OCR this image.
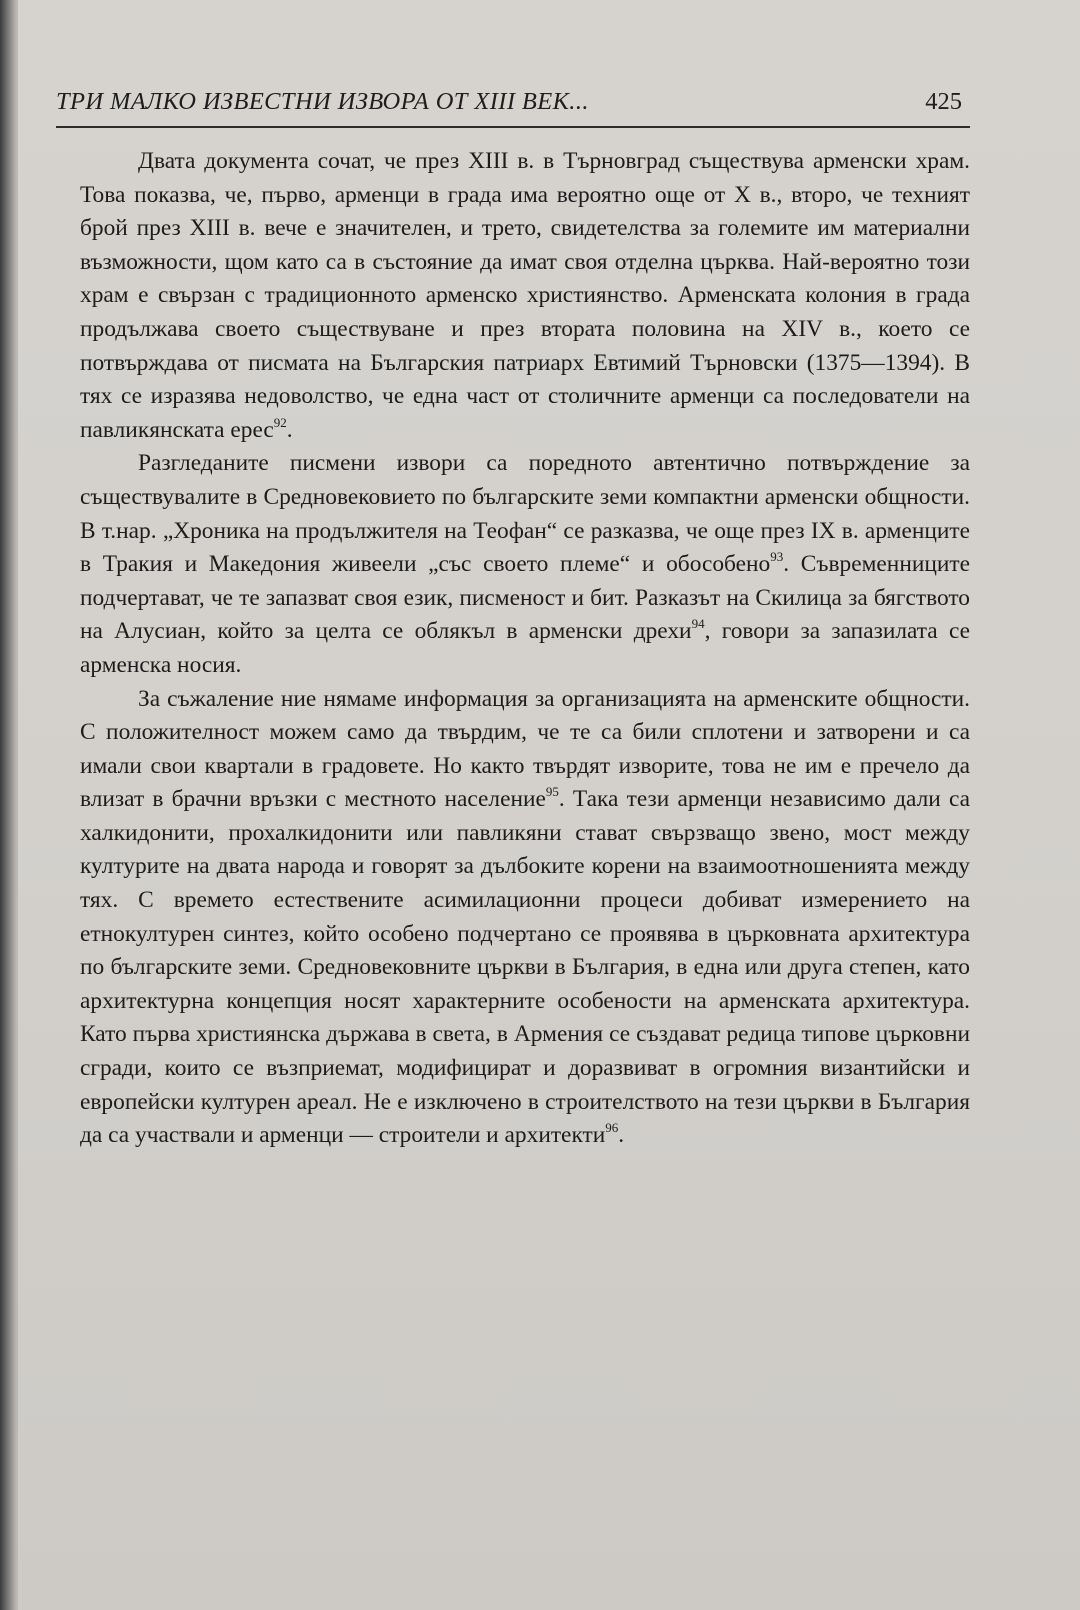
ТРИ МАЛКО ИЗВЕСТНИ ИЗВОРА ОТ XIII ВЕК...	425

Двата документа сочат, че през XIII в. в Търновград съществува арменски храм. Това показва, че, първо, арменци в града има вероятно още от X в., второ, че техният брой през XIII в. вече е значителен, и трето, свидетелства за големите им материални възможности, щом като са в състояние да имат своя отделна църква. Най-вероятно този храм е свързан с традиционното арменско християнство. Арменската колония в града продължава своето съществуване и през втората половина на XIV в., което се потвърждава от писмата на Българския патриарх Евтимий Търновски (1375—1394). В тях се изразява недоволство, че една част от столичните арменци са последователи на павликянската ерес$^{92}$.

Разгледаните писмени извори са поредното автентично потвърждение за съществувалите в Средновековието по българските земи компактни арменски общности. В т.нар. „Хроника на продължителя на Теофан“ се разказва, че още през IX в. арменците в Тракия и Македония живеели „със своето племе“ и обособено$^{93}$. Съвременниците подчертават, че те запазват своя език, писменост и бит. Разказът на Скилица за бягството на Алусиан, който за целта се облякъл в арменски дрехи$^{94}$, говори за запазилата се арменска носия.

За съжаление ние нямаме информация за организацията на арменските общности. С положителност можем само да твърдим, че те са били сплотени и затворени и са имали свои квартали в градовете. Но както твърдят изворите, това не им е пречело да влизат в брачни връзки с местното население$^{95}$. Така тези арменци независимо дали са халкидонити, прохалкидонити или павликяни стават свързващо звено, мост между културите на двата народа и говорят за дълбоките корени на взаимоотношенията между тях. С времето естествените асимилационни процеси добиват измерението на етнокултурен синтез, който особено подчертано се проявява в църковната архитектура по българските земи. Средновековните църкви в България, в една или друга степен, като архитектурна концепция носят характерните особености на арменската архитектура. Като първа християнска държава в света, в Армения се създават редица типове църковни сгради, които се възприемат, модифицират и доразвиват в огромния византийски и европейски културен ареал. Не е изключено в строителството на тези църкви в България да са участвали и арменци — строители и архитекти$^{96}$.
